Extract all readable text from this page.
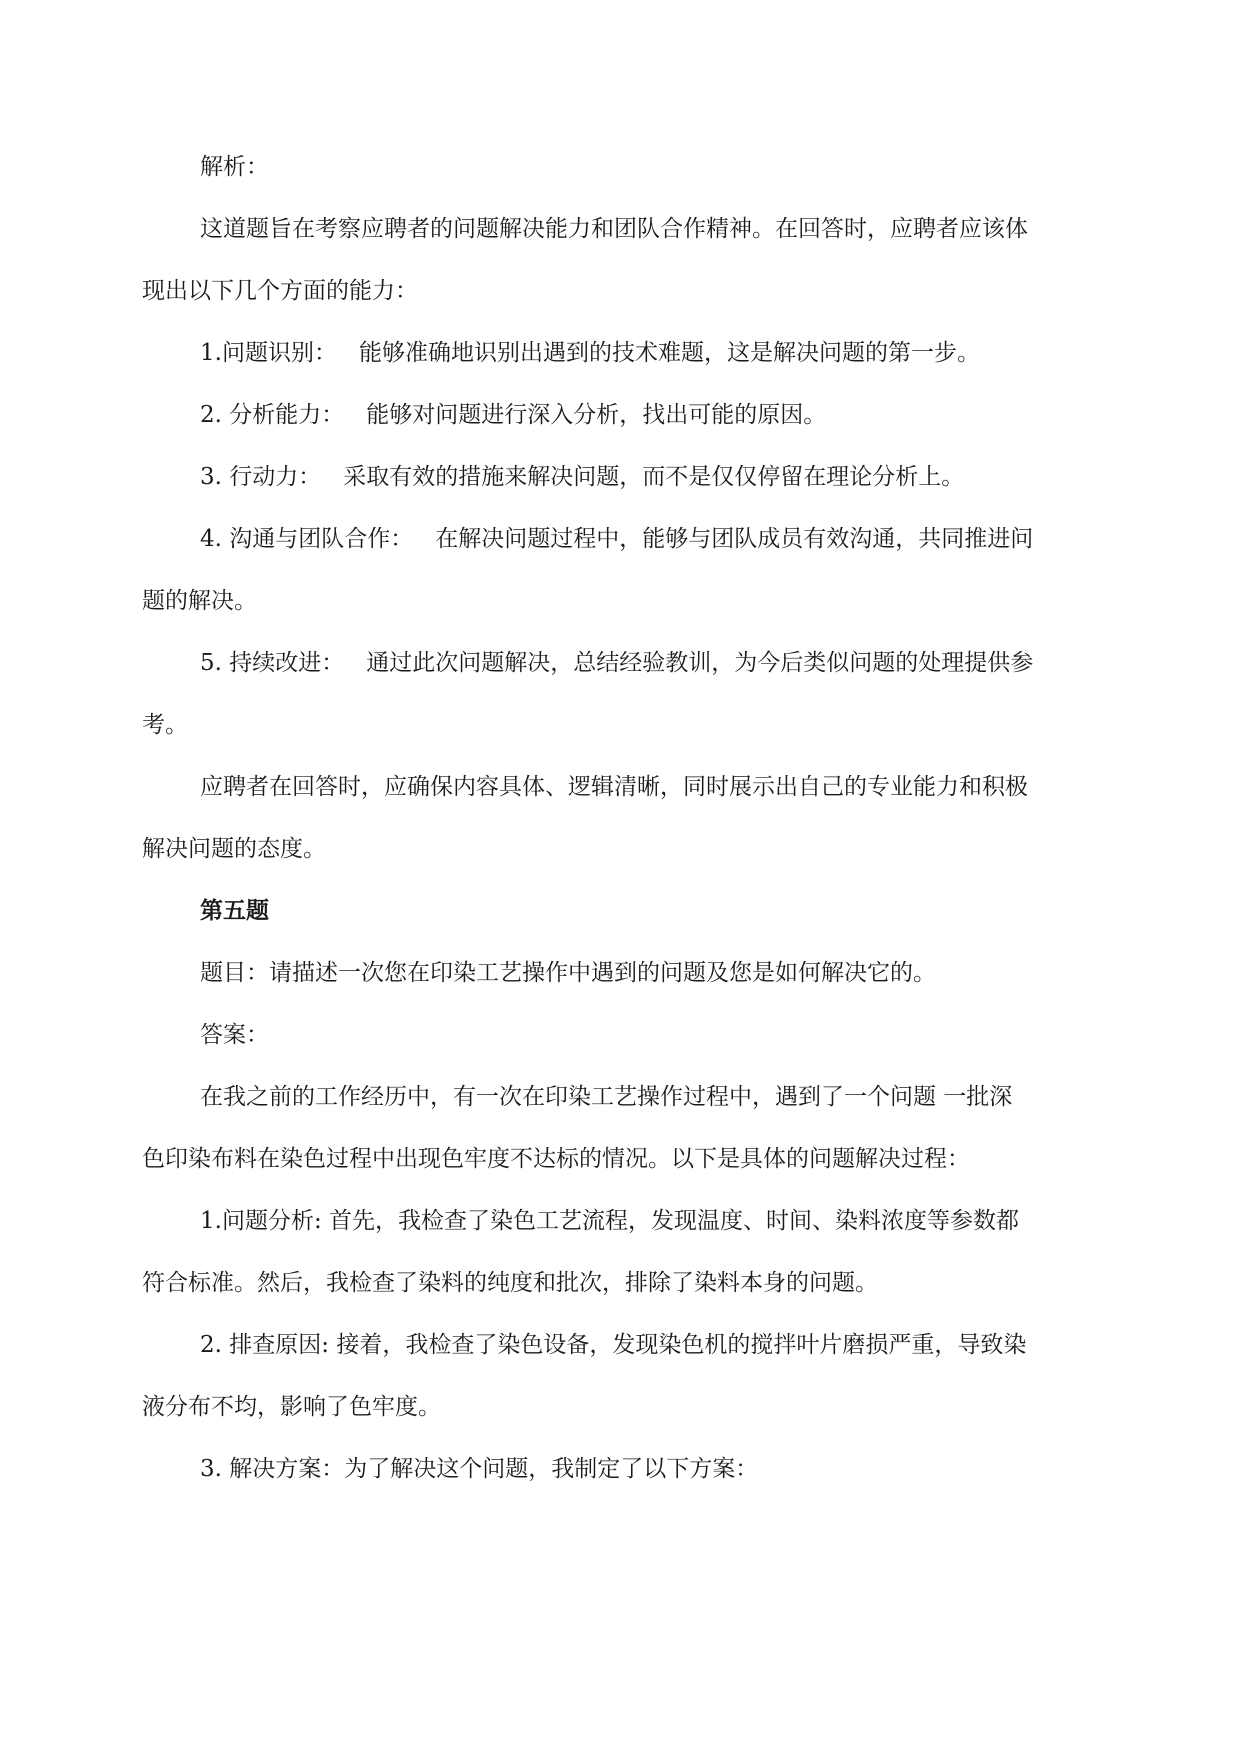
解析：

这道题旨在考察应聘者的问题解决能力和团队合作精神。在回答时，应聘者应该体

现出以下几个方面的能力：

1.问题识别： 能够准确地识别出遇到的技术难题，这是解决问题的第一步。

2. 分析能力： 能够对问题进行深入分析，找出可能的原因。

3. 行动力： 采取有效的措施来解决问题，而不是仅仅停留在理论分析上。

4. 沟通与团队合作： 在解决问题过程中，能够与团队成员有效沟通，共同推进问

题的解决。

5. 持续改进： 通过此次问题解决，总结经验教训，为今后类似问题的处理提供参

考。

应聘者在回答时，应确保内容具体、逻辑清晰，同时展示出自己的专业能力和积极

解决问题的态度。

第五题

题目：请描述一次您在印染工艺操作中遇到的问题及您是如何解决它的。

答案：

在我之前的工作经历中，有一次在印染工艺操作过程中，遇到了一个问题 一批深

色印染布料在染色过程中出现色牢度不达标的情况。以下是具体的问题解决过程：

1.问题分析: 首先，我检查了染色工艺流程，发现温度、时间、染料浓度等参数都

符合标准。然后，我检查了染料的纯度和批次，排除了染料本身的问题。

2. 排查原因: 接着，我检查了染色设备，发现染色机的搅拌叶片磨损严重，导致染

液分布不均，影响了色牢度。

3. 解决方案：为了解决这个问题，我制定了以下方案：
